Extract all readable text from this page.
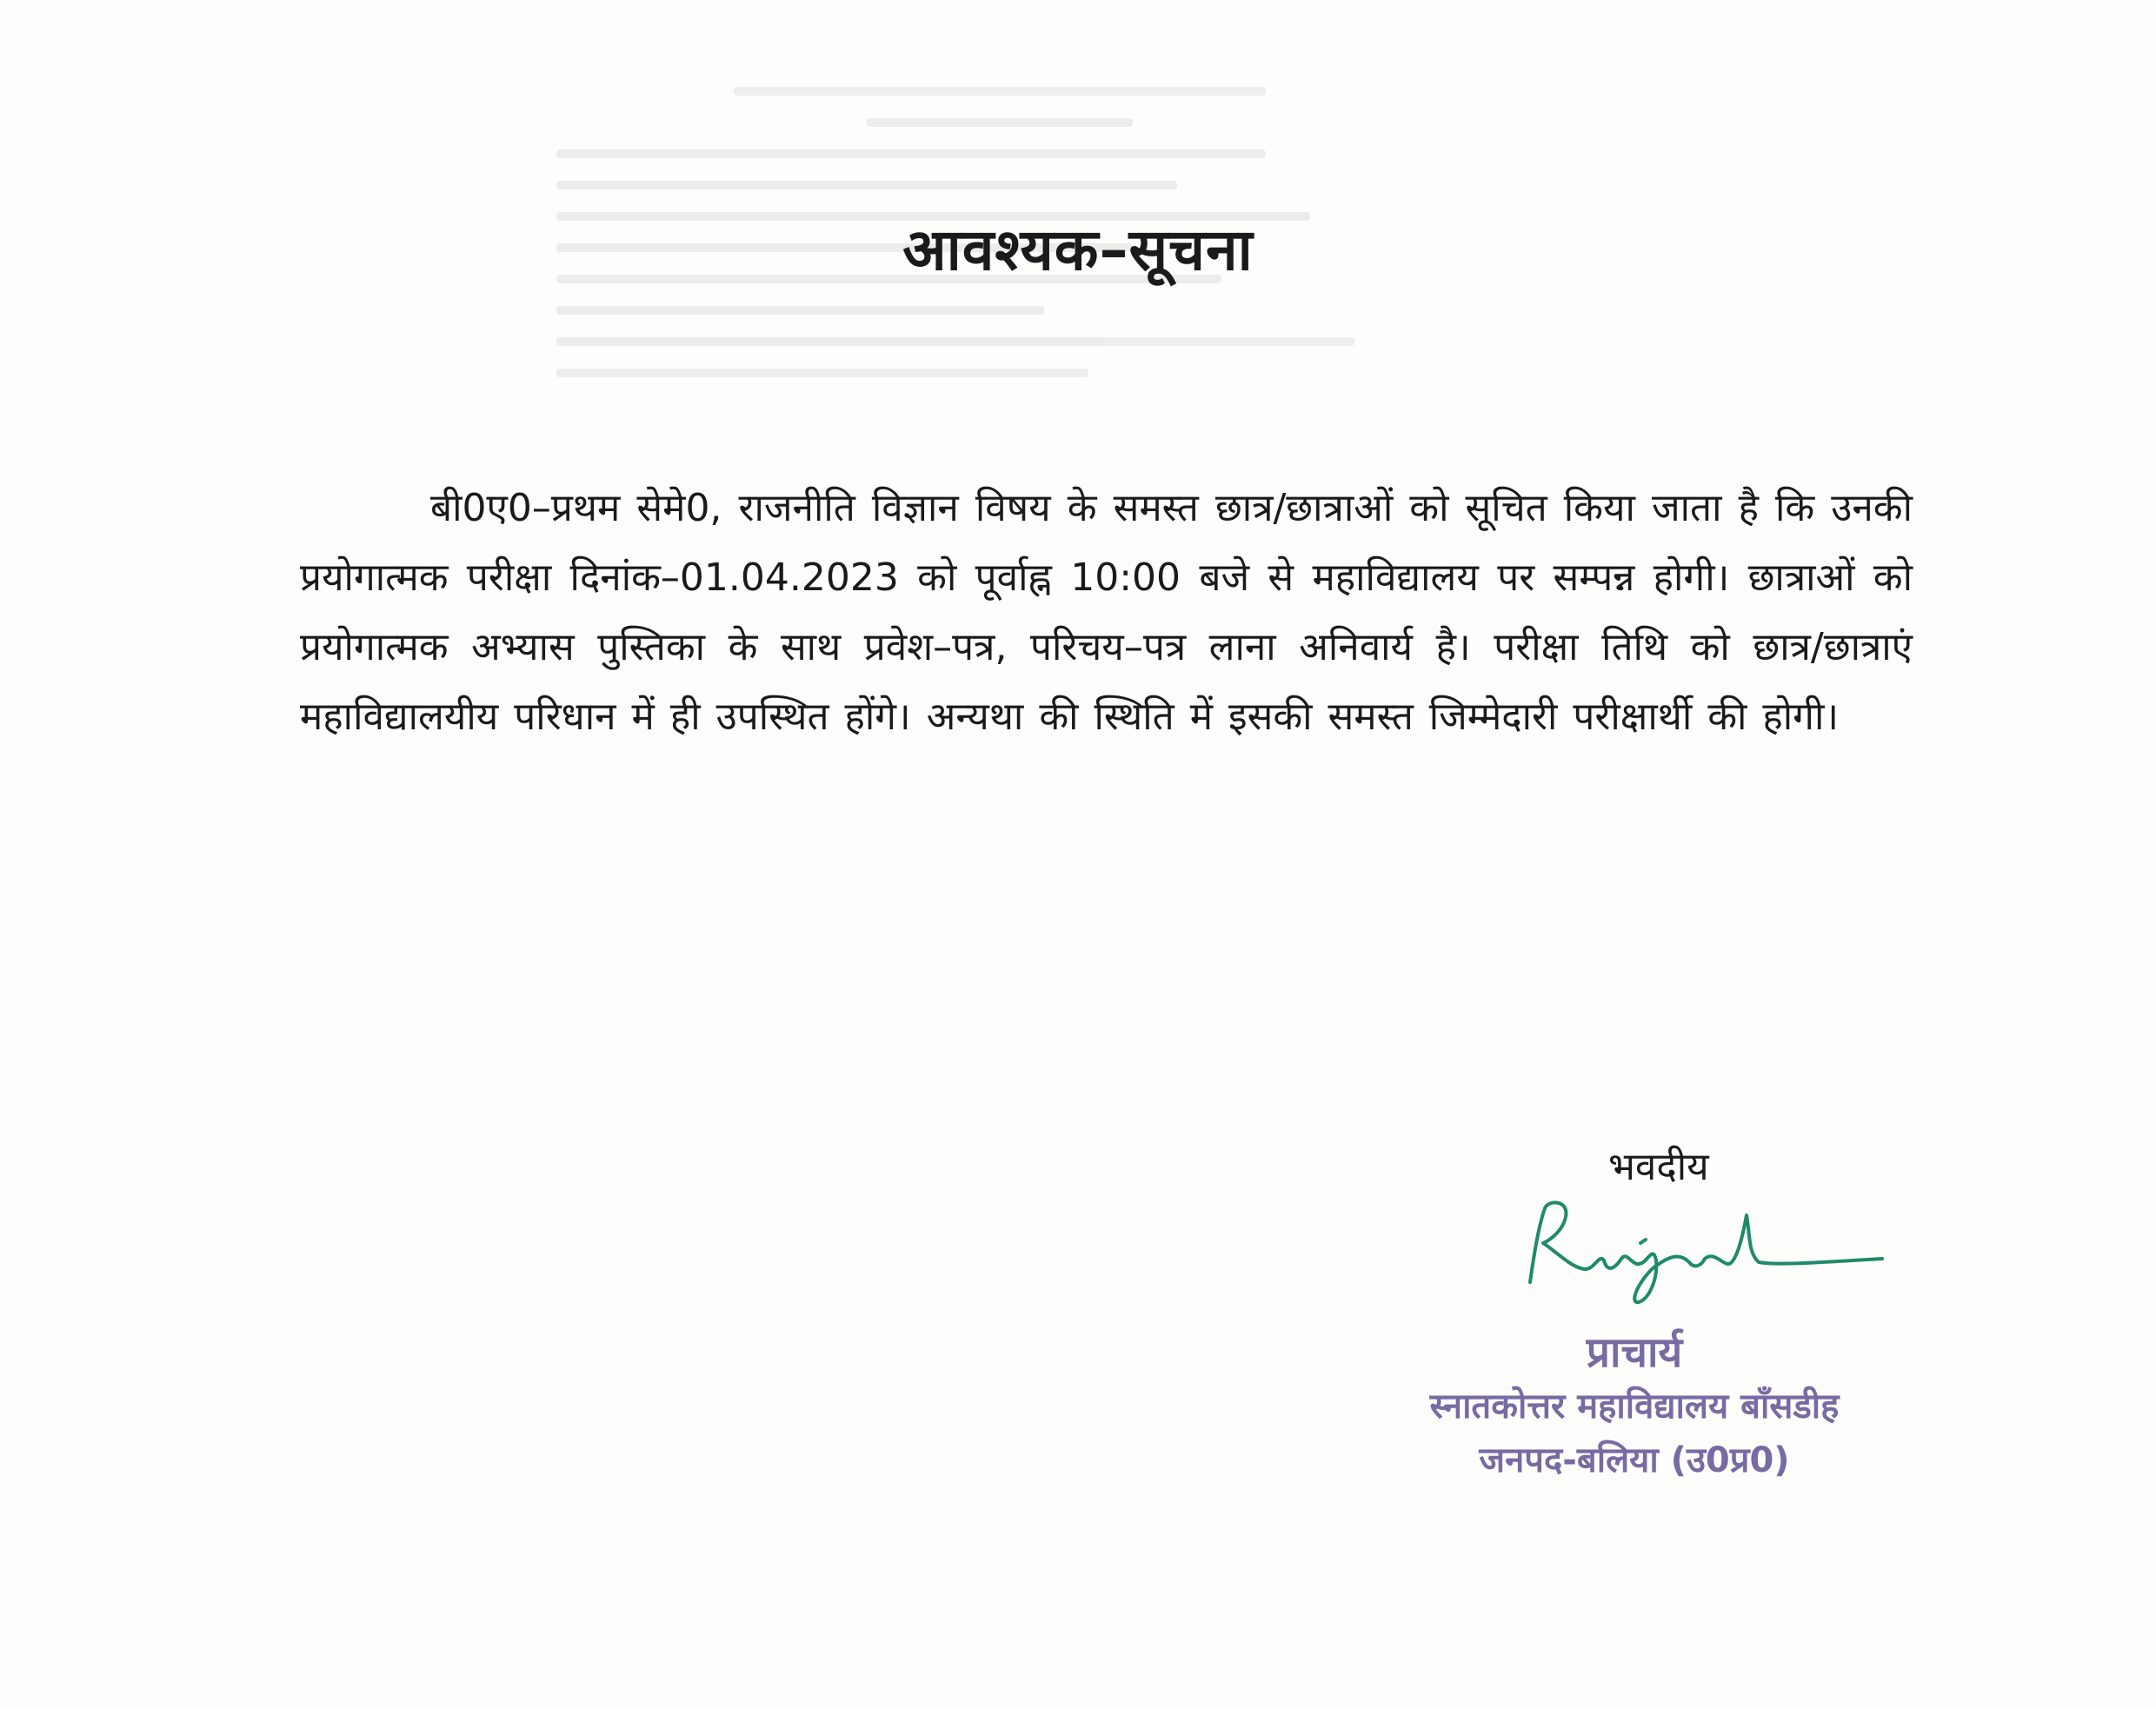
आवश्यक–सूचना

बी0ए0–प्रथम सेमे0, राजनीति विज्ञान विषय के समस्त छात्र/छात्राओं को सूचित किया जाता है कि उनकी प्रयोगात्मक परीक्षा दिनांक–01.04.2023 को पूर्वाह्न 10:00 बजे से महाविद्यालय पर सम्पन्न होगी। छात्राओं को प्रयोगात्मक अभ्यास पुस्तिका के साथ प्रवेश–पत्र, परिचय–पत्र लाना अनिवार्य है। परीक्षा तिथि को छात्र/छात्राएं महाविद्यालयीय परिधान में ही उपस्थित होंगे। अन्यथा की स्थिति में इसकी समस्त जिम्मेदारी परीक्षार्थी की होगी।

भवदीय
प्राचार्य
स्नातकोत्तर महाविद्यालय बाँसडीह
जनपद-बलिया (उ0प्र0)
